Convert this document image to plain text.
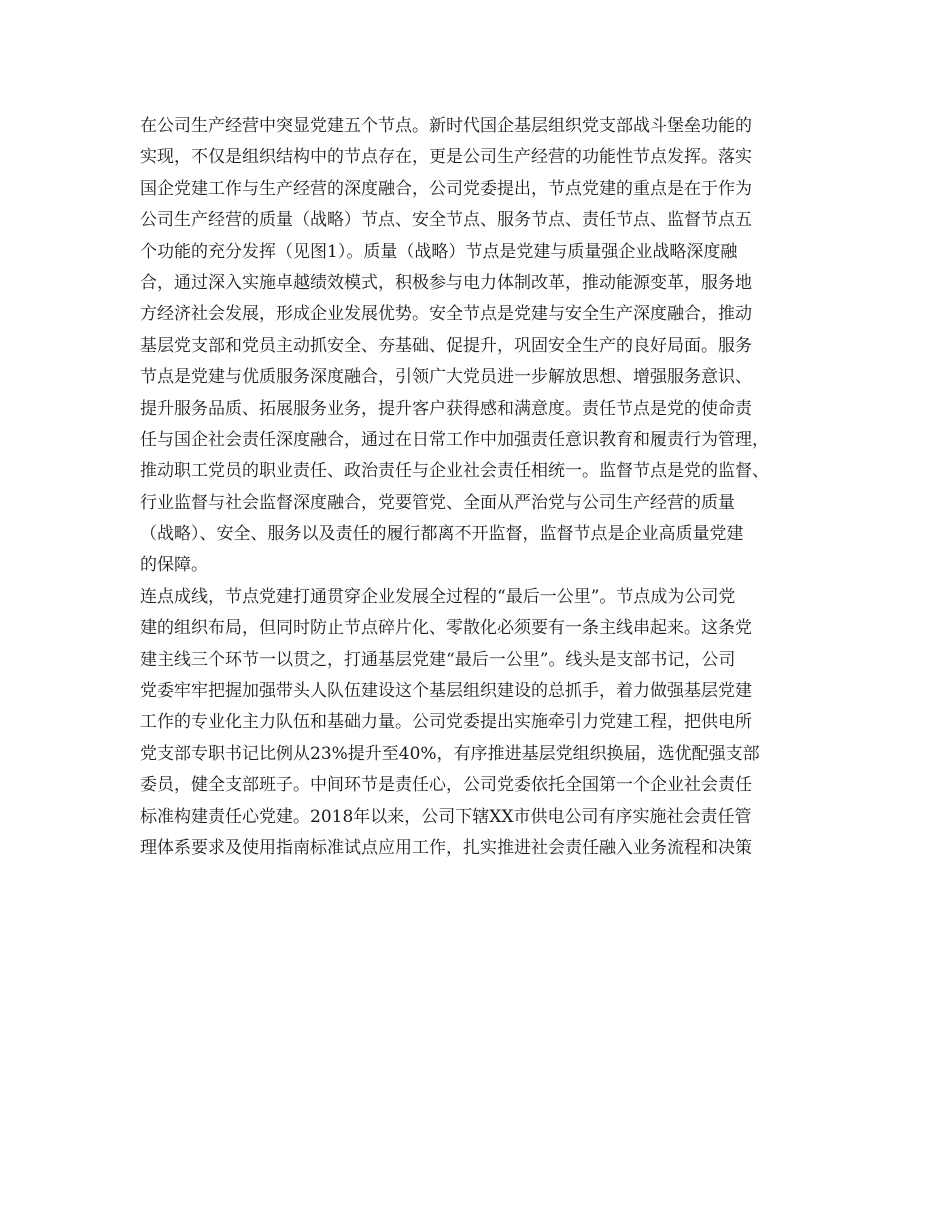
在公司生产经营中突显党建五个节点。新时代国企基层组织党支部战斗堡垒功能的
实现，不仅是组织结构中的节点存在，更是公司生产经营的功能性节点发挥。落实
国企党建工作与生产经营的深度融合，公司党委提出，节点党建的重点是在于作为
公司生产经营的质量（战略）节点、安全节点、服务节点、责任节点、监督节点五
个功能的充分发挥（见图1）。质量（战略）节点是党建与质量强企业战略深度融
合，通过深入实施卓越绩效模式，积极参与电力体制改革，推动能源变革，服务地
方经济社会发展，形成企业发展优势。安全节点是党建与安全生产深度融合，推动
基层党支部和党员主动抓安全、夯基础、促提升，巩固安全生产的良好局面。服务
节点是党建与优质服务深度融合，引领广大党员进一步解放思想、增强服务意识、
提升服务品质、拓展服务业务，提升客户获得感和满意度。责任节点是党的使命责
任与国企社会责任深度融合，通过在日常工作中加强责任意识教育和履责行为管理，
推动职工党员的职业责任、政治责任与企业社会责任相统一。监督节点是党的监督、
行业监督与社会监督深度融合，党要管党、全面从严治党与公司生产经营的质量
（战略）、安全、服务以及责任的履行都离不开监督，监督节点是企业高质量党建
的保障。
连点成线，节点党建打通贯穿企业发展全过程的“最后一公里”。节点成为公司党
建的组织布局，但同时防止节点碎片化、零散化必须要有一条主线串起来。这条党
建主线三个环节一以贯之，打通基层党建“最后一公里”。线头是支部书记，公司
党委牢牢把握加强带头人队伍建设这个基层组织建设的总抓手，着力做强基层党建
工作的专业化主力队伍和基础力量。公司党委提出实施牵引力党建工程，把供电所
党支部专职书记比例从23%提升至40%，有序推进基层党组织换届，选优配强支部
委员，健全支部班子。中间环节是责任心，公司党委依托全国第一个企业社会责任
标准构建责任心党建。2018年以来，公司下辖XX市供电公司有序实施社会责任管
理体系要求及使用指南标准试点应用工作，扎实推进社会责任融入业务流程和决策
